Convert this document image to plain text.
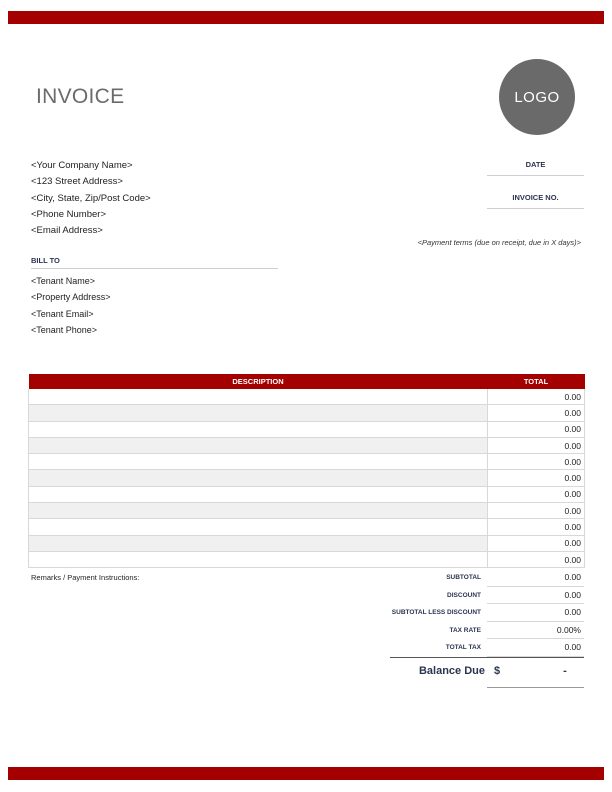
INVOICE	LOGO
<Your Company Name>
<123 Street Address>
<City, State, Zip/Post Code>
<Phone Number>
<Email Address>
DATE
INVOICE NO.
<Payment terms (due on receipt, due in X days)>
BILL TO
<Tenant Name>
<Property Address>
<Tenant Email>
<Tenant Phone>
DESCRIPTION	TOTAL
	0.00
	0.00
	0.00
	0.00
	0.00
	0.00
	0.00
	0.00
	0.00
	0.00
	0.00
Remarks / Payment Instructions:	SUBTOTAL	0.00
DISCOUNT	0.00
SUBTOTAL LESS DISCOUNT	0.00
TAX RATE	0.00%
TOTAL TAX	0.00
Balance Due $	-
